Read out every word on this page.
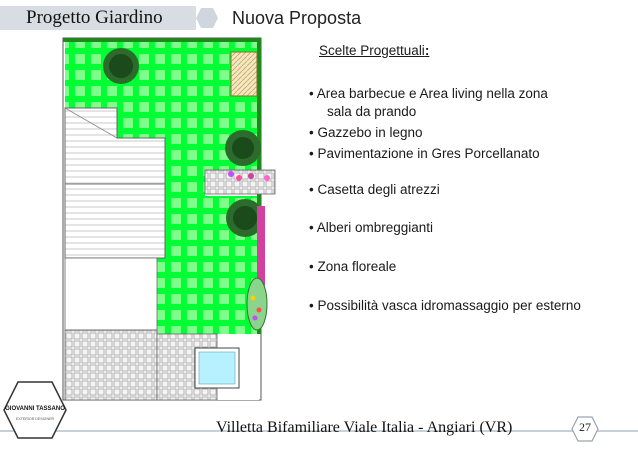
Progetto Giardino	Nuova Proposta
Scelte Progettuali:
• Area barbecue e Area living nella zona
sala da prando
• Gazzebo in legno
• Pavimentazione in Gres Porcellanato
• Casetta degli atrezzi
• Alberi ombreggianti
• Zona floreale
• Possibilità vasca idromassaggio per esterno
Villetta Bifamiliare Viale Italia - Angiari (VR)	27
GIOVANNI TASSANO
EXTERIOR DESIGNER
